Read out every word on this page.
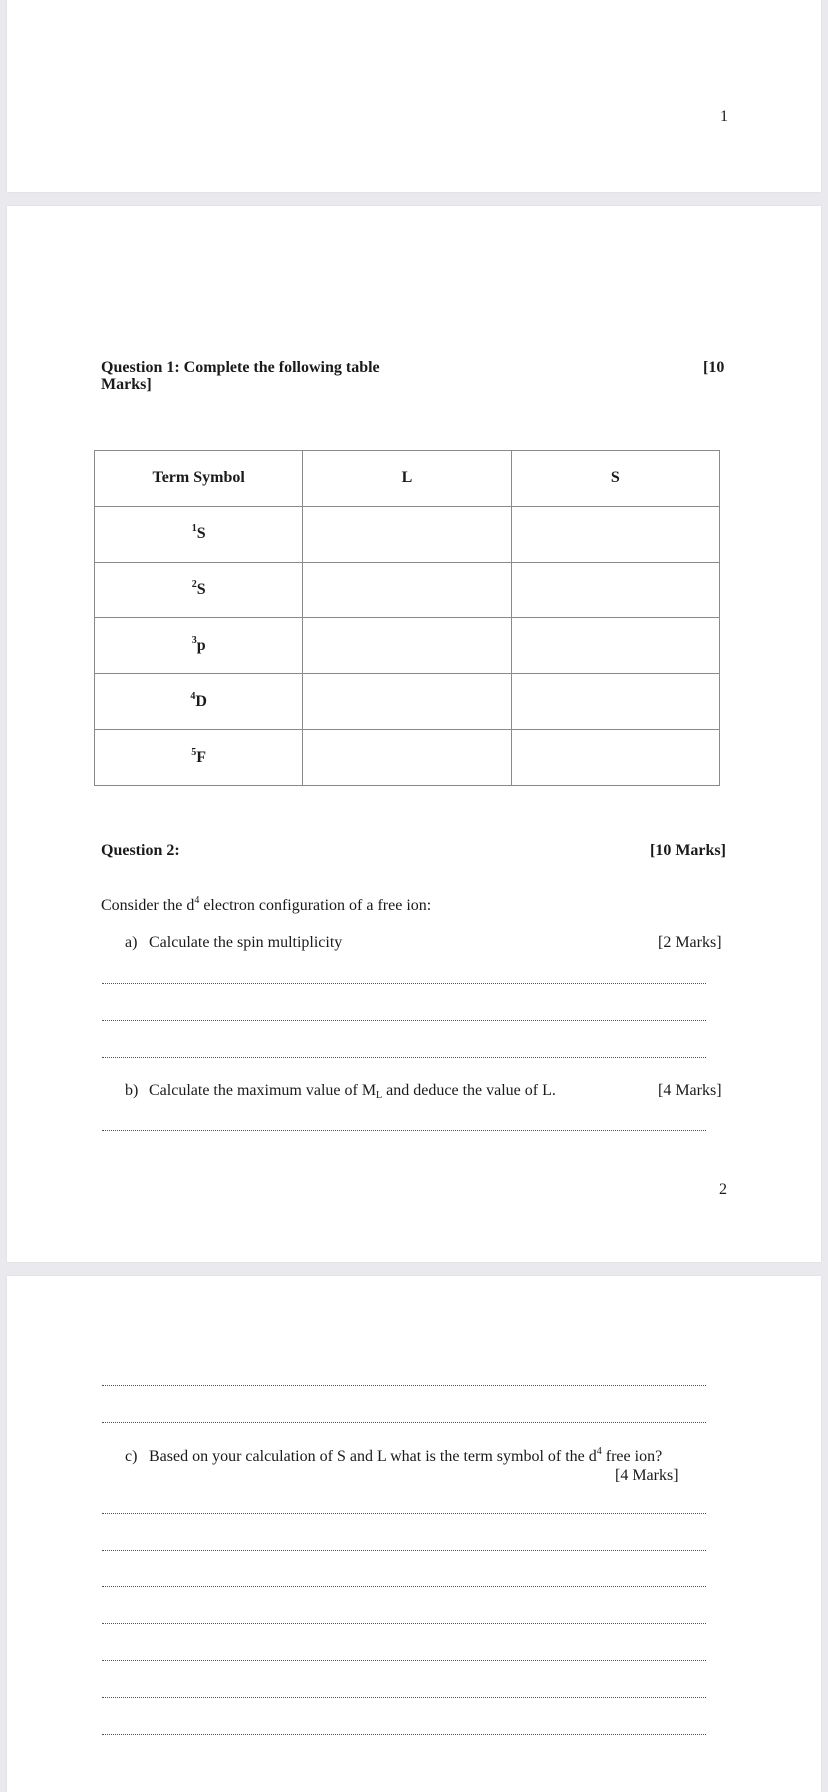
1
Question 1: Complete the following table
Marks]
[10
Term Symbol	L	S
$^1$S		
$^2$S		
$^3$p		
$^4$D		
$^5$F		
Question 2:	[10 Marks]
Consider the $d^4$ electron configuration of a free ion:
a) Calculate the spin multiplicity	[2 Marks]
b) Calculate the maximum value of ML and deduce the value of L.	[4 Marks]
2
c) Based on your calculation of S and L what is the term symbol of the $d^4$ free ion?
[4 Marks]
